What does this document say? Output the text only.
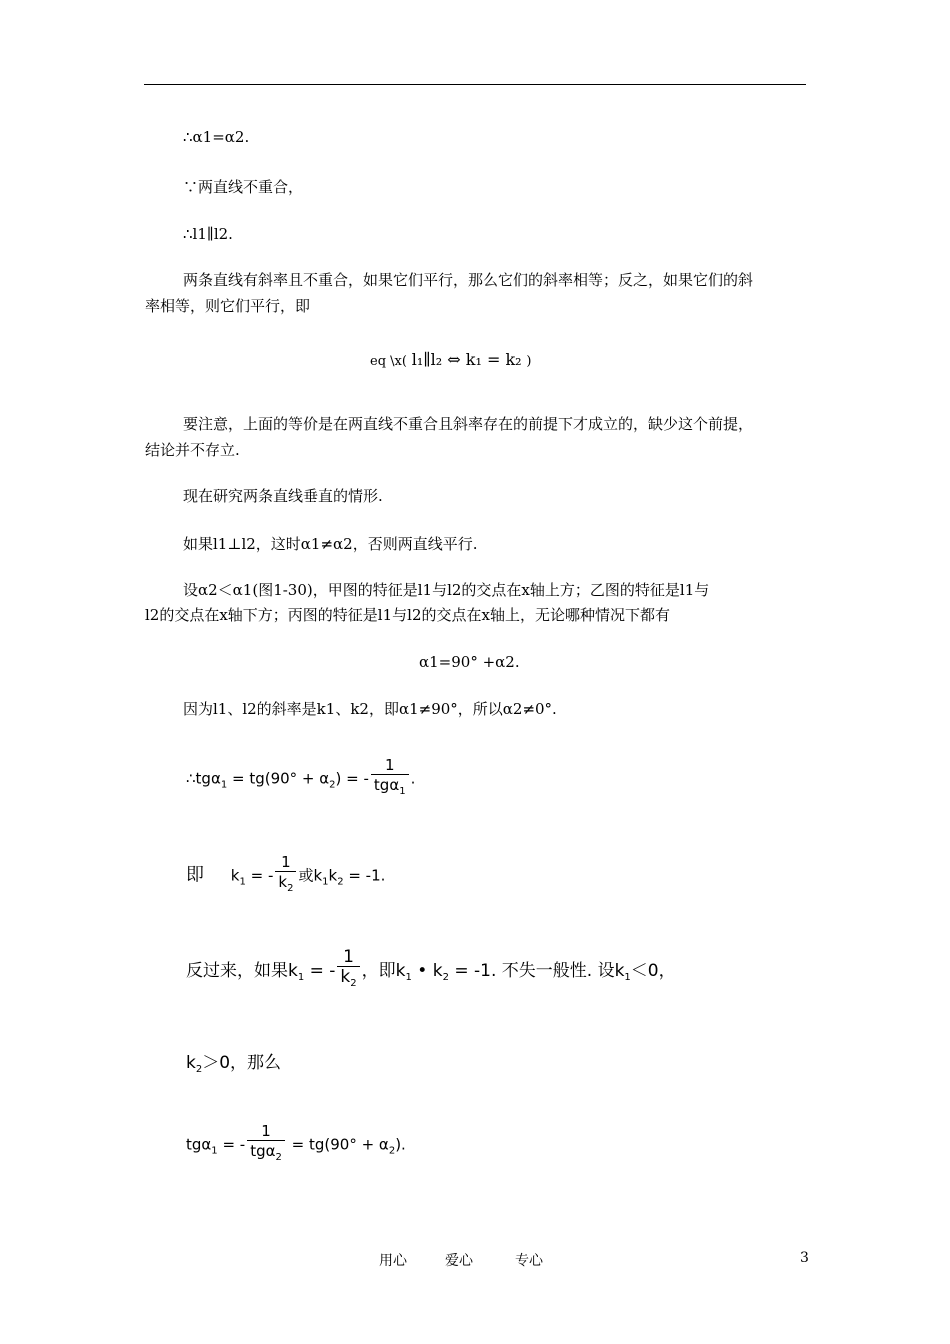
∴α1=α2.
∵两直线不重合，
∴l1∥l2.
两条直线有斜率且不重合，如果它们平行，那么它们的斜率相等；反之，如果它们的斜
率相等，则它们平行，即
eq \x( l₁∥l₂ ⇔ k₁ = k₂ )
要注意，上面的等价是在两直线不重合且斜率存在的前提下才成立的，缺少这个前提，
结论并不存立.
现在研究两条直线垂直的情形.
如果l1⊥l2，这时α1≠α2，否则两直线平行.
设α2＜α1(图1-30)，甲图的特征是l1与l2的交点在x轴上方；乙图的特征是l1与
l2的交点在x轴下方；丙图的特征是l1与l2的交点在x轴上，无论哪种情况下都有
α1=90° +α2.
因为l1、l2的斜率是k1、k2，即α1≠90°，所以α2≠0°.
∴tgα$_1$ = $tg(90^\circ + \alpha_2)$ = - $\frac{1}{tg\alpha_1}$ .
即 $k_1$ = - $\frac{1}{k_2}$ 或$k_1k_2 = -1$.
反过来，如果$k_1$ = - $\frac{1}{k_2}$ ，即$k_1$ • $k_2 = -1$. 不失一般性. 设$k_1<0$，
$k_2>0$，那么
tgα$_1$ = - $\frac{1}{tg\alpha_2} = tg(90^\circ + \alpha_2)$.
用心	爱心	专心	3
